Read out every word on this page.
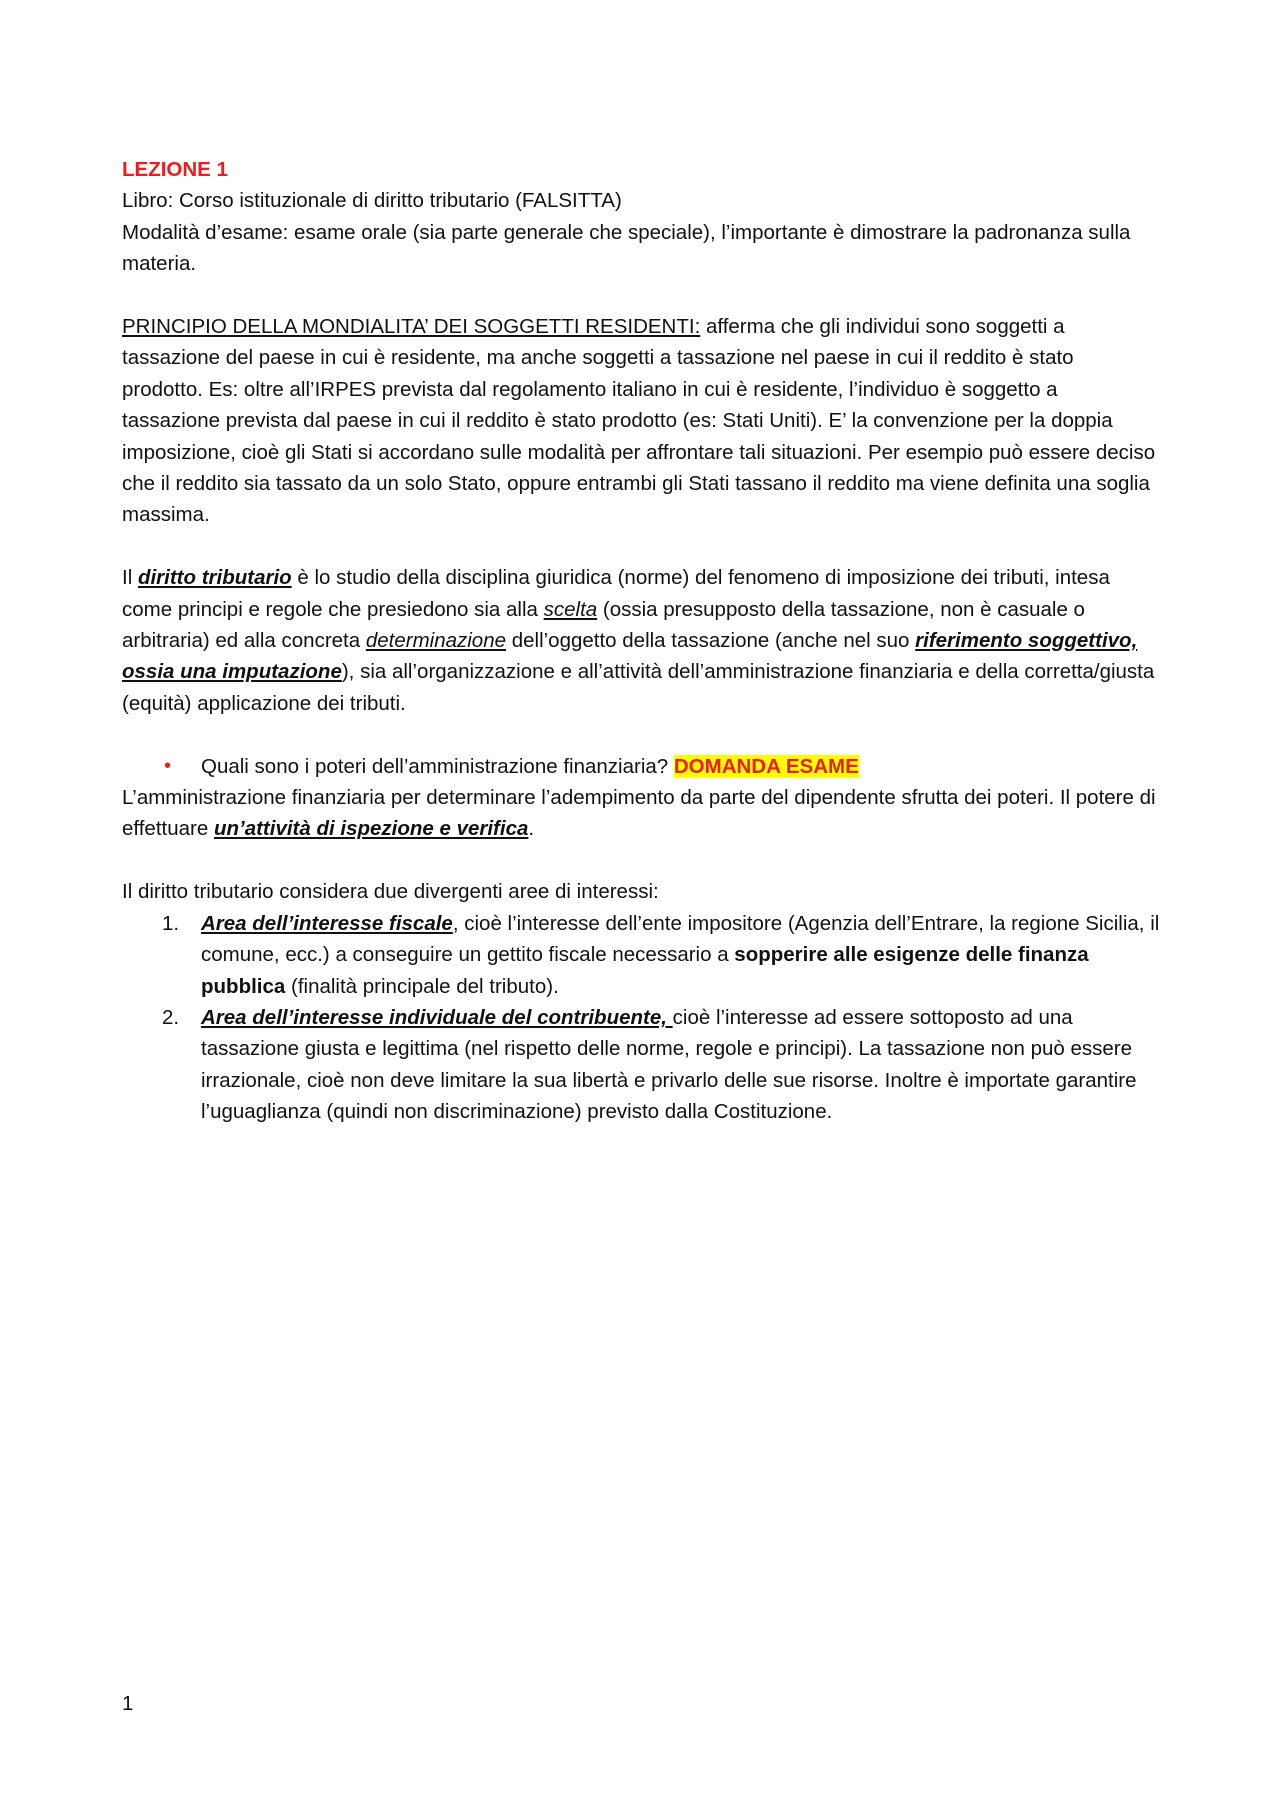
LEZIONE 1

Libro: Corso istituzionale di diritto tributario (FALSITTA)

Modalità d’esame: esame orale (sia parte generale che speciale), l’importante è dimostrare la padronanza sulla materia.

PRINCIPIO DELLA MONDIALITA’ DEI SOGGETTI RESIDENTI: afferma che gli individui sono soggetti a tassazione del paese in cui è residente, ma anche soggetti a tassazione nel paese in cui il reddito è stato prodotto. Es: oltre all’IRPES prevista dal regolamento italiano in cui è residente, l’individuo è soggetto a tassazione prevista dal paese in cui il reddito è stato prodotto (es: Stati Uniti). E’ la convenzione per la doppia imposizione, cioè gli Stati si accordano sulle modalità per affrontare tali situazioni. Per esempio può essere deciso che il reddito sia tassato da un solo Stato, oppure entrambi gli Stati tassano il reddito ma viene definita una soglia massima.

Il diritto tributario è lo studio della disciplina giuridica (norme) del fenomeno di imposizione dei tributi, intesa come principi e regole che presiedono sia alla scelta (ossia presupposto della tassazione, non è casuale o arbitraria) ed alla concreta determinazione dell’oggetto della tassazione (anche nel suo riferimento soggettivo, ossia una imputazione), sia all’organizzazione e all’attività dell’amministrazione finanziaria e della corretta/giusta (equità) applicazione dei tributi.

• Quali sono i poteri dell’amministrazione finanziaria? DOMANDA ESAME

L’amministrazione finanziaria per determinare l’adempimento da parte del dipendente sfrutta dei poteri. Il potere di effettuare un’attività di ispezione e verifica.

Il diritto tributario considera due divergenti aree di interessi:

1. Area dell’interesse fiscale, cioè l’interesse dell’ente impositore (Agenzia dell’Entrare, la regione Sicilia, il comune, ecc.) a conseguire un gettito fiscale necessario a sopperire alle esigenze delle finanza pubblica (finalità principale del tributo).
2. Area dell’interesse individuale del contribuente, cioè l’interesse ad essere sottoposto ad una tassazione giusta e legittima (nel rispetto delle norme, regole e principi). La tassazione non può essere irrazionale, cioè non deve limitare la sua libertà e privarlo delle sue risorse. Inoltre è importate garantire l’uguaglianza (quindi non discriminazione) previsto dalla Costituzione.
1
